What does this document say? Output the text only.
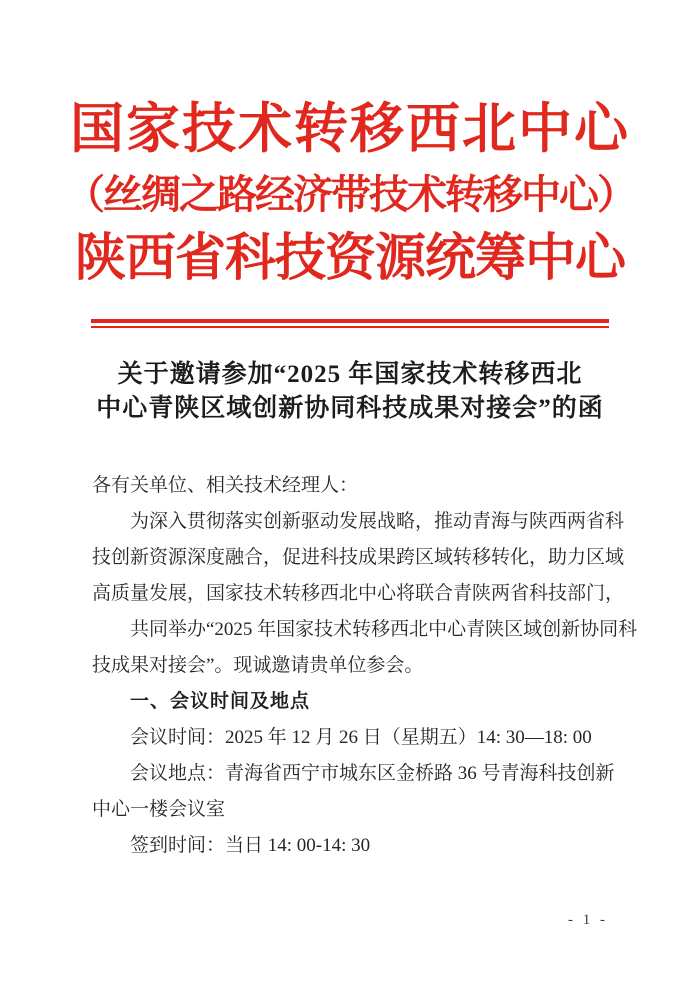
国家技术转移西北中心
（丝绸之路经济带技术转移中心）
陕西省科技资源统筹中心
关于邀请参加“2025 年国家技术转移西北
中心青陕区域创新协同科技成果对接会”的函
各有关单位、相关技术经理人：
为深入贯彻落实创新驱动发展战略，推动青海与陕西两省科
技创新资源深度融合，促进科技成果跨区域转移转化，助力区域
高质量发展，国家技术转移西北中心将联合青陕两省科技部门，
共同举办“2025 年国家技术转移西北中心青陕区域创新协同科
技成果对接会”。现诚邀请贵单位参会。
一、会议时间及地点
会议时间：2025 年 12 月 26 日（星期五）14: 30—18: 00
会议地点：青海省西宁市城东区金桥路 36 号青海科技创新
中心一楼会议室
签到时间：当日 14: 00-14: 30
- 1 -
